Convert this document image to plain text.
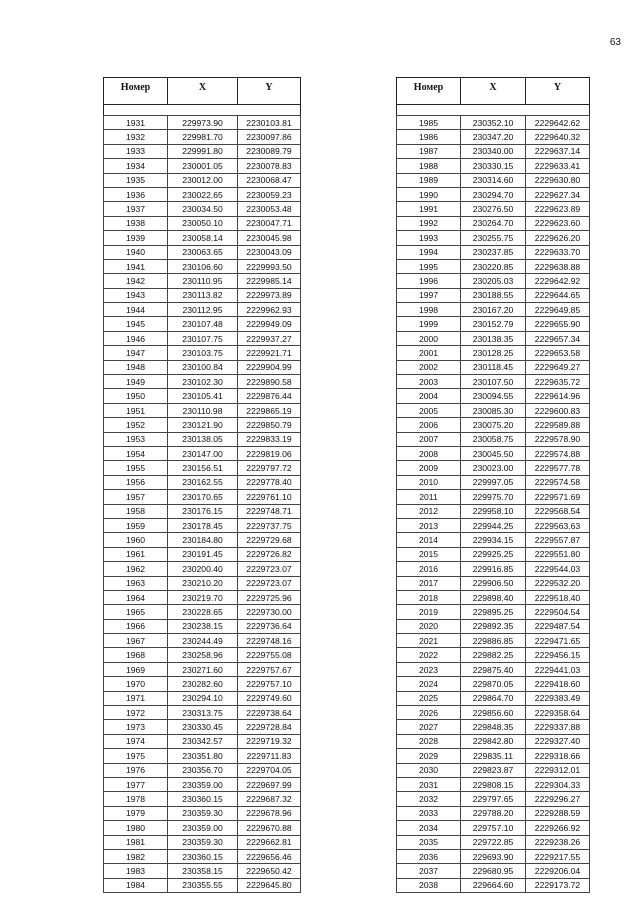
63
Номер	X	Y

1931	229973.90	2230103.81
1932	229981.70	2230097.86
1933	229991.80	2230089.79
1934	230001.05	2230078.83
1935	230012.00	2230068.47
1936	230022.65	2230059.23
1937	230034.50	2230053.48
1938	230050.10	2230047.71
1939	230058.14	2230045.98
1940	230063.65	2230043.09
1941	230106.60	2229993.50
1942	230110.95	2229985.14
1943	230113.82	2229973.89
1944	230112.95	2229962.93
1945	230107.48	2229949.09
1946	230107.75	2229937.27
1947	230103.75	2229921.71
1948	230100.84	2229904.99
1949	230102.30	2229890.58
1950	230105.41	2229876.44
1951	230110.98	2229865.19
1952	230121.90	2229850.79
1953	230138.05	2229833.19
1954	230147.00	2229819.06
1955	230156.51	2229797.72
1956	230162.55	2229778.40
1957	230170.65	2229761.10
1958	230176.15	2229748.71
1959	230178.45	2229737.75
1960	230184.80	2229729.68
1961	230191.45	2229726.82
1962	230200.40	2229723.07
1963	230210.20	2229723.07
1964	230219.70	2229725.96
1965	230228.65	2229730.00
1966	230238.15	2229736.64
1967	230244.49	2229748.16
1968	230258.96	2229755.08
1969	230271.60	2229757.67
1970	230282.60	2229757.10
1971	230294.10	2229749.60
1972	230313.75	2229738.64
1973	230330.45	2229728.84
1974	230342.57	2229719.32
1975	230351.80	2229711.83
1976	230356.70	2229704.05
1977	230359.00	2229697.99
1978	230360.15	2229687.32
1979	230359.30	2229678.96
1980	230359.00	2229670.88
1981	230359.30	2229662.81
1982	230360.15	2229656.46
1983	230358.15	2229650.42
1984	230355.55	2229645.80
Номер	X	Y

1985	230352.10	2229642.62
1986	230347.20	2229640.32
1987	230340.00	2229637.14
1988	230330.15	2229633.41
1989	230314.60	2229630.80
1990	230294.70	2229627.34
1991	230276.50	2229623.89
1992	230264.70	2229623.60
1993	230255.75	2229626.20
1994	230237.85	2229633.70
1995	230220.85	2229638.88
1996	230205.03	2229642.92
1997	230188.55	2229644.65
1998	230167.20	2229649.85
1999	230152.79	2229655.90
2000	230138.35	2229657.34
2001	230128.25	2229653.58
2002	230118.45	2229649.27
2003	230107.50	2229635.72
2004	230094.55	2229614.96
2005	230085.30	2229600.83
2006	230075.20	2229589.88
2007	230058.75	2229578.90
2008	230045.50	2229574.88
2009	230023.00	2229577.78
2010	229997.05	2229574.58
2011	229975.70	2229571.69
2012	229958.10	2229568.54
2013	229944.25	2229563.63
2014	229934.15	2229557.87
2015	229925.25	2229551.80
2016	229916.85	2229544.03
2017	229906.50	2229532.20
2018	229898.40	2229518.40
2019	229895.25	2229504.54
2020	229892.35	2229487.54
2021	229886.85	2229471.65
2022	229882.25	2229456.15
2023	229875.40	2229441.03
2024	229870.05	2229418.60
2025	229864.70	2229383.49
2026	229856.60	2229358.64
2027	229848.35	2229337.88
2028	229842.80	2229327.40
2029	229835.11	2229318.66
2030	229823.87	2229312.01
2031	229808.15	2229304.33
2032	229797.65	2229296.27
2033	229788.20	2229288.59
2034	229757.10	2229266.92
2035	229722.85	2229238.26
2036	229693.90	2229217.55
2037	229680.95	2229206.04
2038	229664.60	2229173.72
